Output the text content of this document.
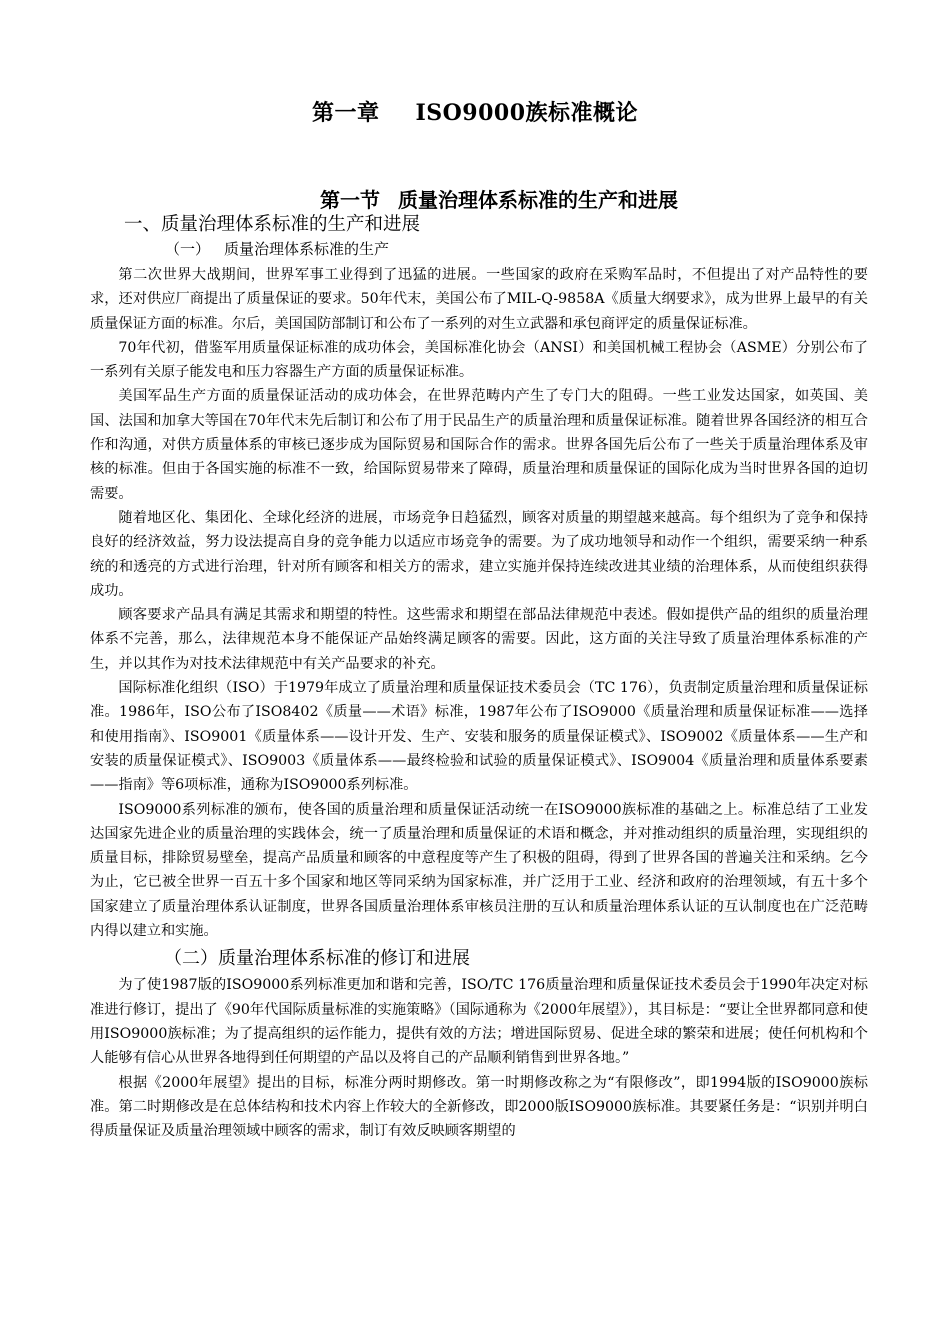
第一章 ISO9000族标准概论
第一节 质量治理体系标准的生产和进展
一、质量治理体系标准的生产和进展
（一） 质量治理体系标准的生产

第二次世界大战期间，世界军事工业得到了迅猛的进展。一些国家的政府在采购军品时，不但提出了对产品特性的要求，还对供应厂商提出了质量保证的要求。50年代末，美国公布了MIL-Q-9858A《质量大纲要求》，成为世界上最早的有关质量保证方面的标准。尔后，美国国防部制订和公布了一系列的对生立武器和承包商评定的质量保证标准。

70年代初，借鉴军用质量保证标准的成功体会，美国标准化协会（ANSI）和美国机械工程协会（ASME）分别公布了一系列有关原子能发电和压力容器生产方面的质量保证标准。

美国军品生产方面的质量保证活动的成功体会，在世界范畴内产生了专门大的阻碍。一些工业发达国家，如英国、美国、法国和加拿大等国在70年代末先后制订和公布了用于民品生产的质量治理和质量保证标准。随着世界各国经济的相互合作和沟通，对供方质量体系的审核已逐步成为国际贸易和国际合作的需求。世界各国先后公布了一些关于质量治理体系及审核的标准。但由于各国实施的标准不一致，给国际贸易带来了障碍，质量治理和质量保证的国际化成为当时世界各国的迫切需要。

随着地区化、集团化、全球化经济的进展，市场竞争日趋猛烈，顾客对质量的期望越来越高。每个组织为了竞争和保持良好的经济效益，努力设法提高自身的竞争能力以适应市场竞争的需要。为了成功地领导和动作一个组织，需要采纳一种系统的和透亮的方式进行治理，针对所有顾客和相关方的需求，建立实施并保持连续改进其业绩的治理体系，从而使组织获得成功。

顾客要求产品具有满足其需求和期望的特性。这些需求和期望在部品法律规范中表述。假如提供产品的组织的质量治理体系不完善，那么，法律规范本身不能保证产品始终满足顾客的需要。因此，这方面的关注导致了质量治理体系标准的产生，并以其作为对技术法律规范中有关产品要求的补充。

国际标准化组织（ISO）于1979年成立了质量治理和质量保证技术委员会（TC 176），负责制定质量治理和质量保证标准。1986年，ISO公布了ISO8402《质量——术语》标准，1987年公布了ISO9000《质量治理和质量保证标准——选择和使用指南》、ISO9001《质量体系——设计开发、生产、安装和服务的质量保证模式》、ISO9002《质量体系——生产和安装的质量保证模式》、ISO9003《质量体系——最终检验和试验的质量保证模式》、ISO9004《质量治理和质量体系要素——指南》等6项标准，通称为ISO9000系列标准。

ISO9000系列标准的颁布，使各国的质量治理和质量保证活动统一在ISO9000族标准的基础之上。标准总结了工业发达国家先进企业的质量治理的实践体会，统一了质量治理和质量保证的术语和概念，并对推动组织的质量治理，实现组织的质量目标，排除贸易壁垒，提高产品质量和顾客的中意程度等产生了积极的阻碍，得到了世界各国的普遍关注和采纳。乞今为止，它已被全世界一百五十多个国家和地区等同采纳为国家标准，并广泛用于工业、经济和政府的治理领域，有五十多个国家建立了质量治理体系认证制度，世界各国质量治理体系审核员注册的互认和质量治理体系认证的互认制度也在广泛范畴内得以建立和实施。

（二）质量治理体系标准的修订和进展

为了使1987版的ISO9000系列标准更加和谐和完善，ISO/TC 176质量治理和质量保证技术委员会于1990年决定对标准进行修订，提出了《90年代国际质量标准的实施策略》（国际通称为《2000年展望》），其目标是：“要让全世界都同意和使用ISO9000族标准；为了提高组织的运作能力，提供有效的方法；增进国际贸易、促进全球的繁荣和进展；使任何机构和个人能够有信心从世界各地得到任何期望的产品以及将自己的产品顺利销售到世界各地。”

根据《2000年展望》提出的目标，标准分两时期修改。第一时期修改称之为“有限修改”，即1994版的ISO9000族标准。第二时期修改是在总体结构和技术内容上作较大的全新修改，即2000版ISO9000族标准。其要紧任务是：“识别并明白得质量保证及质量治理领域中顾客的需求，制订有效反映顾客期望的
